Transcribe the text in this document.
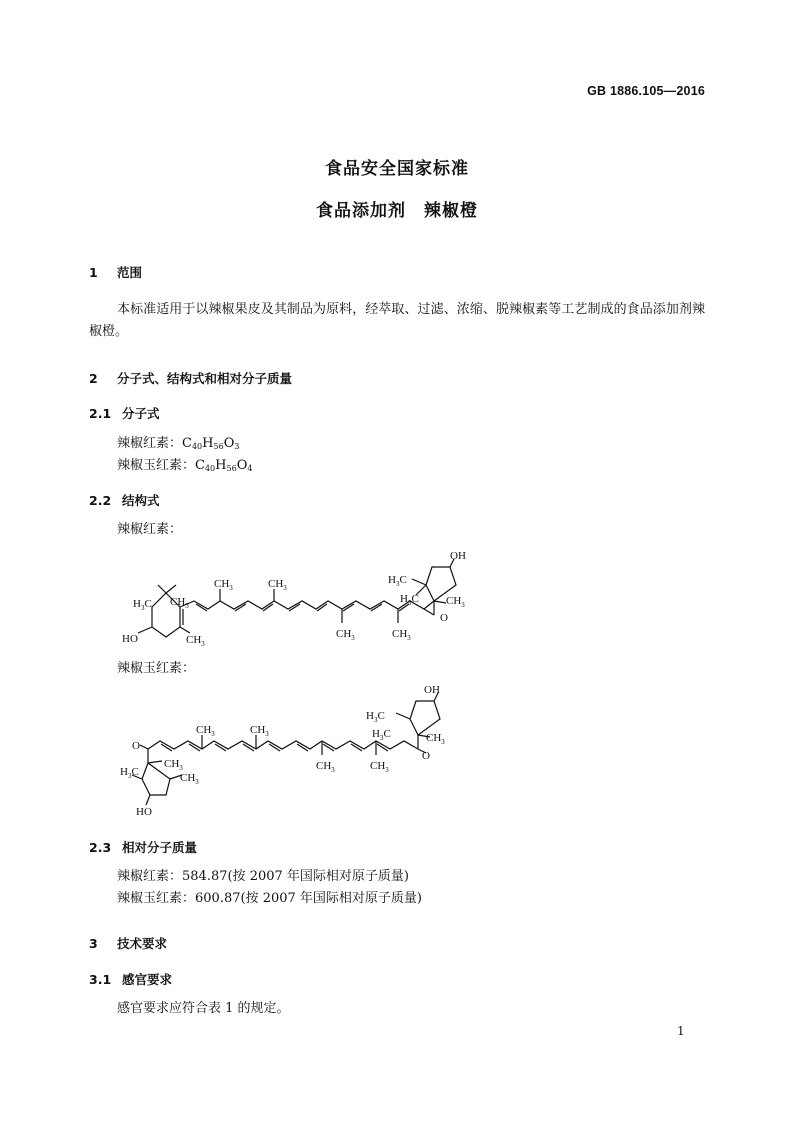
GB 1886.105—2016
食品安全国家标准
食品添加剂　辣椒橙
1 范围
本标准适用于以辣椒果皮及其制品为原料，经萃取、过滤、浓缩、脱辣椒素等工艺制成的食品添加剂辣椒橙。
2 分子式、结构式和相对分子质量
2.1 分子式
辣椒红素：$C_{40}H_{56}O_3$
辣椒玉红素：$C_{40}H_{56}O_4$
2.2 结构式
辣椒红素：
$H_3C$ $CH_3$
HO	$CH_3$
$CH_3$	$CH_3$
$CH_3$	$CH_3$
O
OH
$H_3C$
$H_3C$ $CH_3$
辣椒玉红素：
O
$CH_3$	$CH_3$
$CH_3$	$CH_3$
$CH_3$
$H_3C$	$CH_3$
HO
O
OH
$H_3C$
$H_3C$	$CH_3$
2.3 相对分子质量
辣椒红素：584.87(按 2007 年国际相对原子质量)
辣椒玉红素：600.87(按 2007 年国际相对原子质量)
3 技术要求
3.1 感官要求
感官要求应符合表 1 的规定。
1
